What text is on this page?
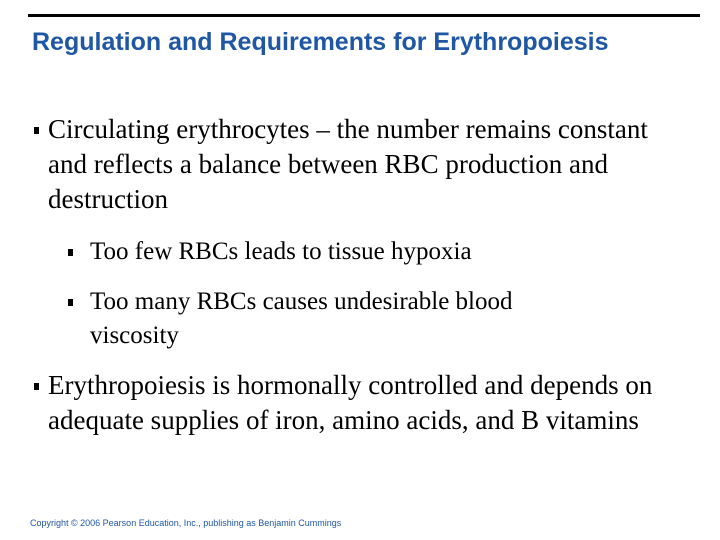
Regulation and Requirements for Erythropoiesis

Circulating erythrocytes – the number remains constant and reflects a balance between RBC production and destruction

Too few RBCs leads to tissue hypoxia

Too many RBCs causes undesirable blood viscosity

Erythropoiesis is hormonally controlled and depends on adequate supplies of iron, amino acids, and B vitamins

Copyright © 2006 Pearson Education, Inc., publishing as Benjamin Cummings
